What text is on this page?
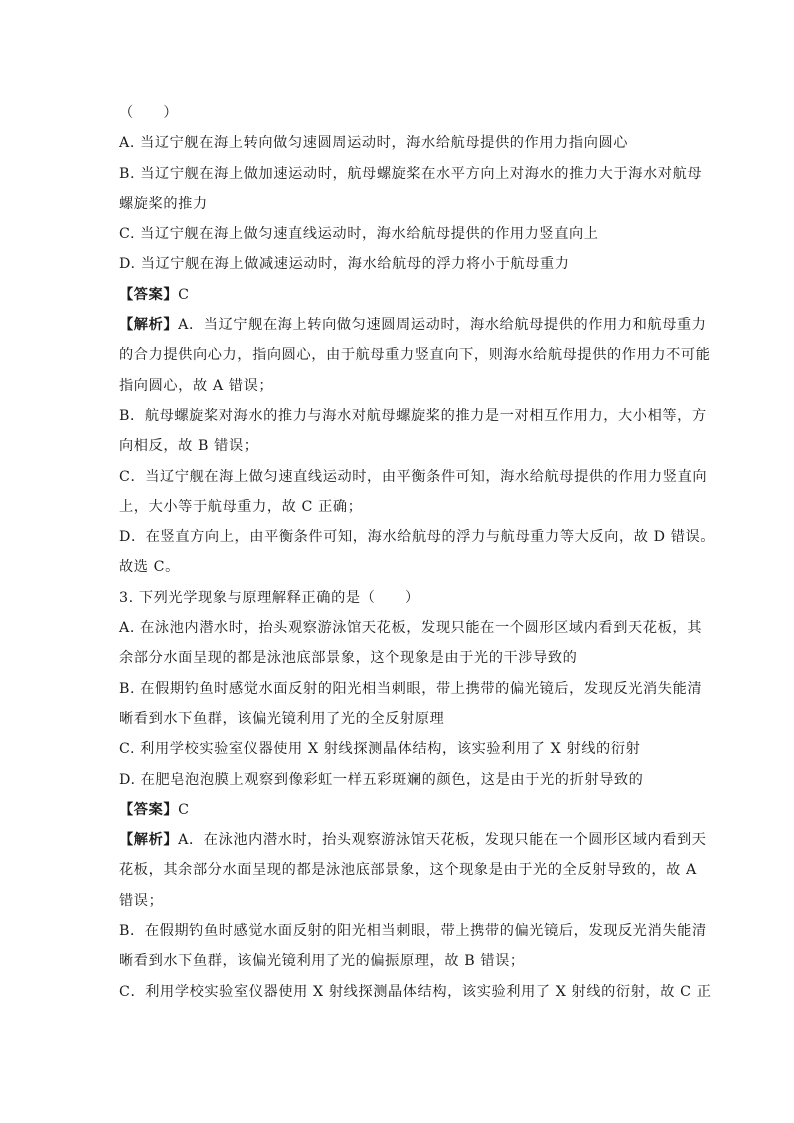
（　　）
A. 当辽宁舰在海上转向做匀速圆周运动时，海水给航母提供的作用力指向圆心
B. 当辽宁舰在海上做加速运动时，航母螺旋桨在水平方向上对海水的推力大于海水对航母
螺旋桨的推力
C. 当辽宁舰在海上做匀速直线运动时，海水给航母提供的作用力竖直向上
D. 当辽宁舰在海上做减速运动时，海水给航母的浮力将小于航母重力
【答案】C
【解析】A．当辽宁舰在海上转向做匀速圆周运动时，海水给航母提供的作用力和航母重力
的合力提供向心力，指向圆心，由于航母重力竖直向下，则海水给航母提供的作用力不可能
指向圆心，故 A 错误；
B．航母螺旋桨对海水的推力与海水对航母螺旋桨的推力是一对相互作用力，大小相等，方
向相反，故 B 错误；
C．当辽宁舰在海上做匀速直线运动时，由平衡条件可知，海水给航母提供的作用力竖直向
上，大小等于航母重力，故 C 正确；
D．在竖直方向上，由平衡条件可知，海水给航母的浮力与航母重力等大反向，故 D 错误。
故选 C。
3. 下列光学现象与原理解释正确的是（　　）
A. 在泳池内潜水时，抬头观察游泳馆天花板，发现只能在一个圆形区域内看到天花板，其
余部分水面呈现的都是泳池底部景象，这个现象是由于光的干涉导致的
B. 在假期钓鱼时感觉水面反射的阳光相当刺眼，带上携带的偏光镜后，发现反光消失能清
晰看到水下鱼群，该偏光镜利用了光的全反射原理
C. 利用学校实验室仪器使用 X 射线探测晶体结构，该实验利用了 X 射线的衍射
D. 在肥皂泡泡膜上观察到像彩虹一样五彩斑斓的颜色，这是由于光的折射导致的
【答案】C
【解析】A．在泳池内潜水时，抬头观察游泳馆天花板，发现只能在一个圆形区域内看到天
花板，其余部分水面呈现的都是泳池底部景象，这个现象是由于光的全反射导致的，故 A
错误；
B．在假期钓鱼时感觉水面反射的阳光相当刺眼，带上携带的偏光镜后，发现反光消失能清
晰看到水下鱼群，该偏光镜利用了光的偏振原理，故 B 错误；
C．利用学校实验室仪器使用 X 射线探测晶体结构，该实验利用了 X 射线的衍射，故 C 正
